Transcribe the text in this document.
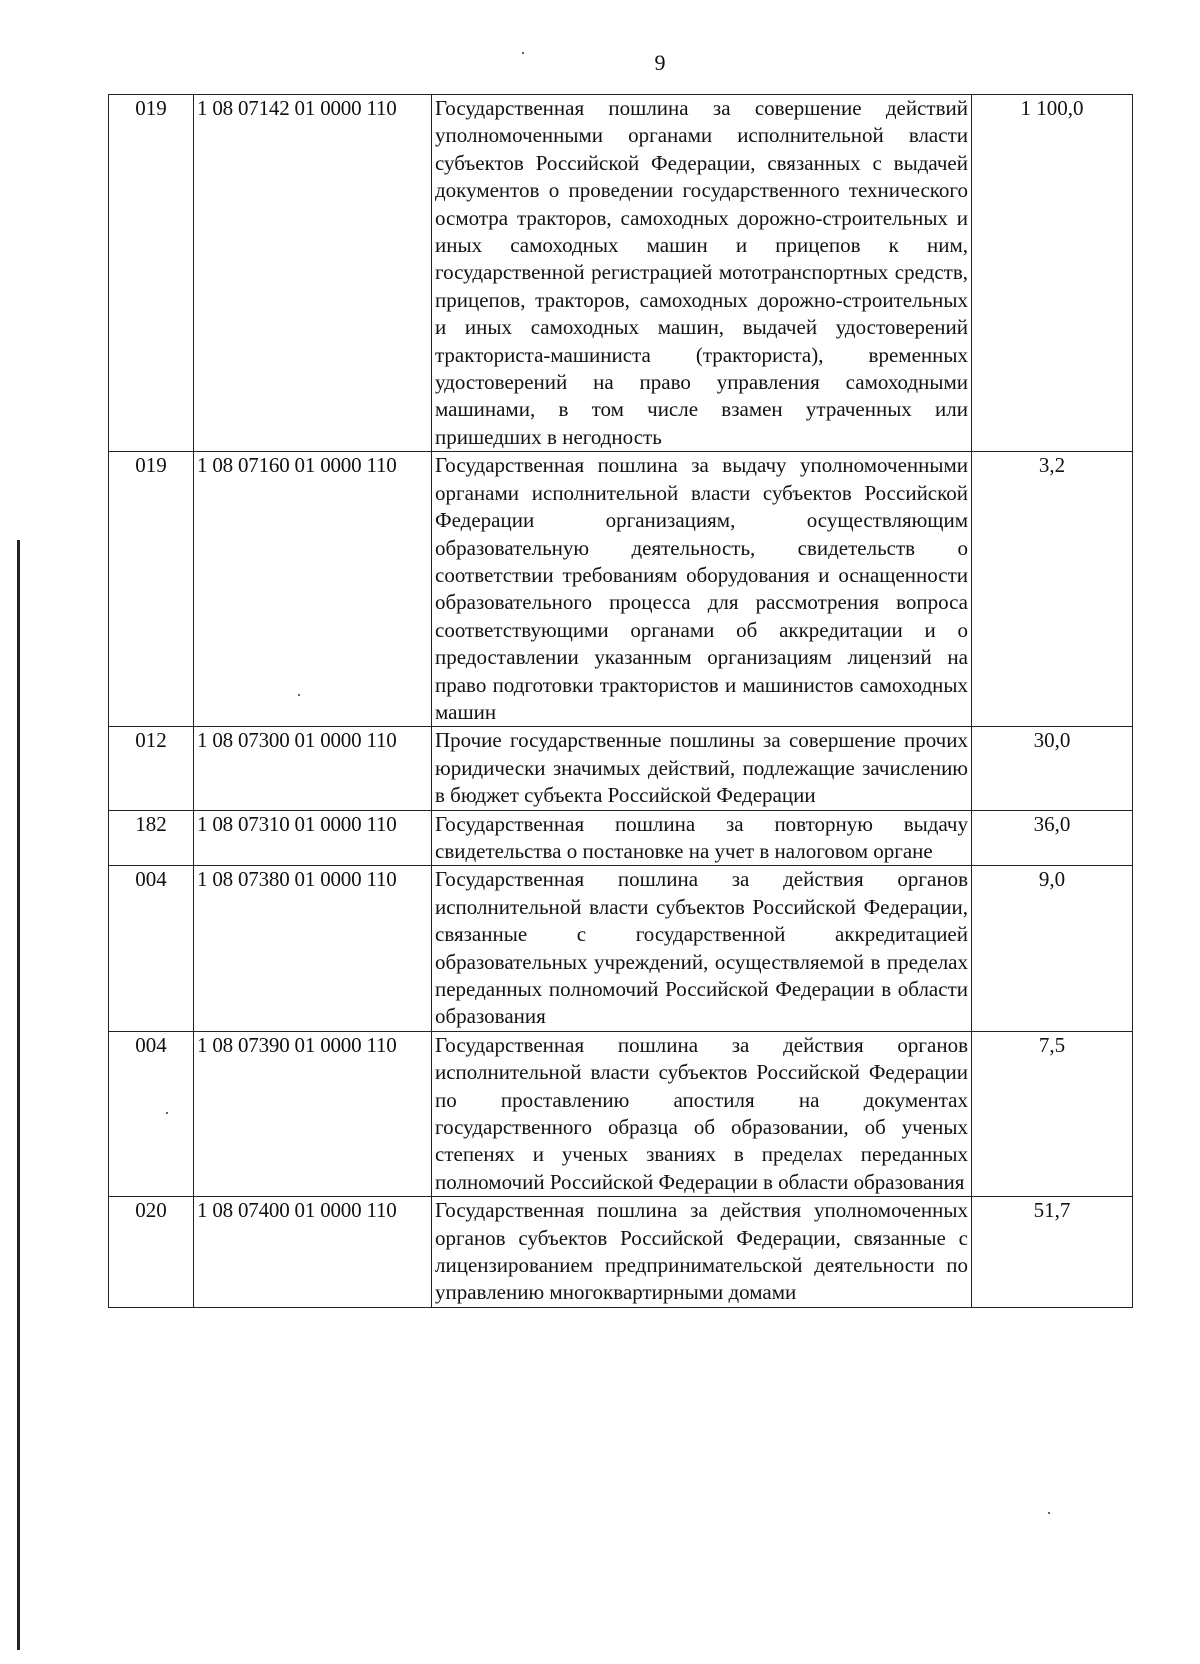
9
019	1 08 07142 01 0000 110	Государственная пошлина за совершение действий уполномоченными органами исполнительной власти субъектов Российской Федерации, связанных с выдачей документов о проведении государственного технического осмотра тракторов, самоходных дорожно-строительных и иных самоходных машин и прицепов к ним, государственной регистрацией мототранспортных средств, прицепов, тракторов, самоходных дорожно-строительных и иных самоходных машин, выдачей удостоверений тракториста-машиниста (тракториста), временных удостоверений на право управления самоходными машинами, в том числе взамен утраченных или пришедших в негодность	1 100,0
019	1 08 07160 01 0000 110	Государственная пошлина за выдачу уполномоченными органами исполнительной власти субъектов Российской Федерации организациям, осуществляющим образовательную деятельность, свидетельств о соответствии требованиям оборудования и оснащенности образовательного процесса для рассмотрения вопроса соответствующими органами об аккредитации и о предоставлении указанным организациям лицензий на право подготовки трактористов и машинистов самоходных машин	3,2
012	1 08 07300 01 0000 110	Прочие государственные пошлины за совершение прочих юридически значимых действий, подлежащие зачислению в бюджет субъекта Российской Федерации	30,0
182	1 08 07310 01 0000 110	Государственная пошлина за повторную выдачу свидетельства о постановке на учет в налоговом органе	36,0
004	1 08 07380 01 0000 110	Государственная пошлина за действия органов исполнительной власти субъектов Российской Федерации, связанные с государственной аккредитацией образовательных учреждений, осуществляемой в пределах переданных полномочий Российской Федерации в области образования	9,0
004	1 08 07390 01 0000 110	Государственная пошлина за действия органов исполнительной власти субъектов Российской Федерации по проставлению апостиля на документах государственного образца об образовании, об ученых степенях и ученых званиях в пределах переданных полномочий Российской Федерации в области образования	7,5
020	1 08 07400 01 0000 110	Государственная пошлина за действия уполномоченных органов субъектов Российской Федерации, связанные с лицензированием предпринимательской деятельности по управлению многоквартирными домами	51,7
